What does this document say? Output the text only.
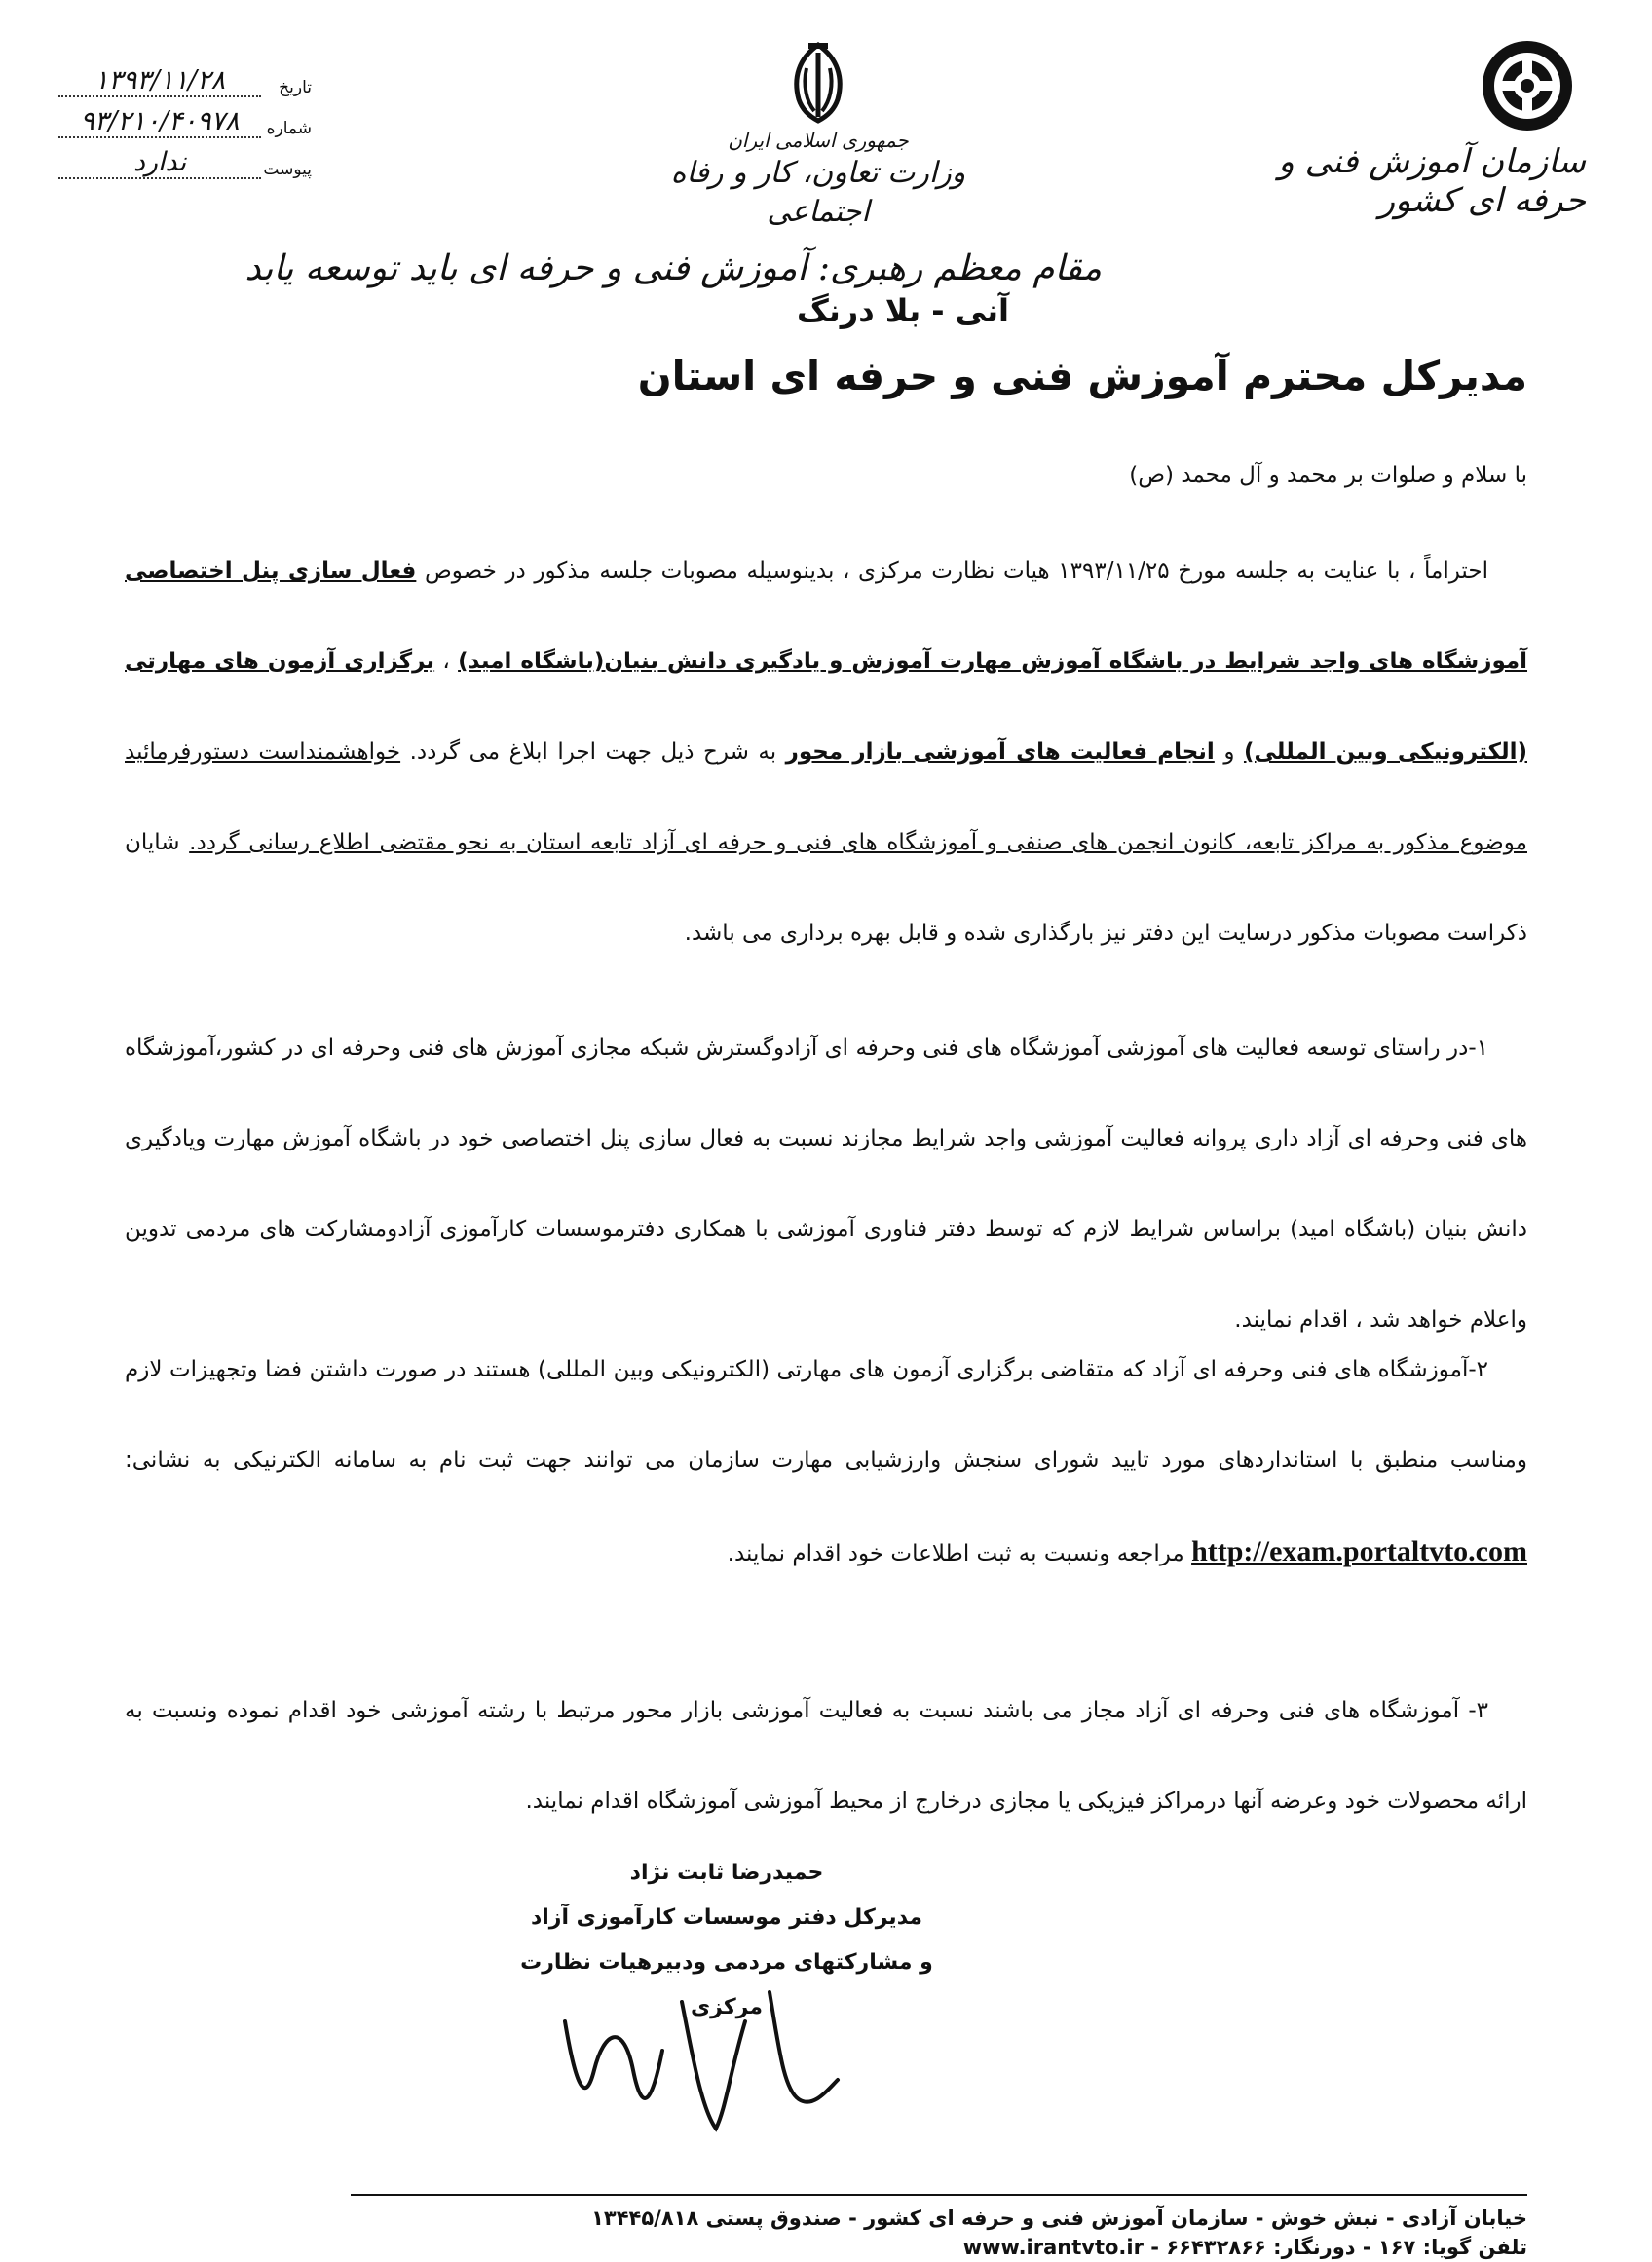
سازمان آموزش فنی و حرفه ای کشور
جمهوری اسلامی ایران
وزارت تعاون، کار و رفاه اجتماعی
تاریخ
۱۳۹۳/۱۱/۲۸
شماره
۹۳/۲۱۰/۴۰۹۷۸
پیوست
ندارد
مقام معظم رهبری: آموزش فنی و حرفه ای باید توسعه یابد
آنی - بلا درنگ
مدیرکل محترم آموزش فنی و حرفه ای استان
با سلام و صلوات بر محمد و آل محمد (ص)

احتراماً ، با عنایت به جلسه مورخ ۱۳۹۳/۱۱/۲۵ هیات نظارت مرکزی ، بدینوسیله مصوبات جلسه مذکور در خصوص فعال سازی پنل اختصاصی آموزشگاه های واجد شرایط در باشگاه آموزش مهارت آموزش و یادگیری دانش بنیان(باشگاه امید) ، برگزاری آزمون های مهارتی (الکترونیکی وبین المللی) و انجام فعالیت های آموزشی بازار محور به شرح ذیل جهت اجرا ابلاغ می گردد. خواهشمنداست دستورفرمائید موضوع مذکور به مراکز تابعه، کانون انجمن های صنفی و آموزشگاه های فنی و حرفه ای آزاد تابعه استان به نحو مقتضی اطلاع رسانی گردد. شایان ذکراست مصوبات مذکور درسایت این دفتر نیز بارگذاری شده و قابل بهره برداری می باشد.

۱-در راستای توسعه فعالیت های آموزشی آموزشگاه های فنی وحرفه ای آزادوگسترش شبکه مجازی آموزش های فنی وحرفه ای در کشور،آموزشگاه های فنی وحرفه ای آزاد داری پروانه فعالیت آموزشی واجد شرایط مجازند نسبت به فعال سازی پنل اختصاصی خود در باشگاه آموزش مهارت ویادگیری دانش بنیان (باشگاه امید) براساس شرایط لازم که توسط دفتر فناوری آموزشی با همکاری دفترموسسات کارآموزی آزادومشارکت های مردمی تدوین واعلام خواهد شد ، اقدام نمایند.

۲-آموزشگاه های فنی وحرفه ای آزاد که متقاضی برگزاری آزمون های مهارتی (الکترونیکی وبین المللی) هستند در صورت داشتن فضا وتجهیزات لازم ومناسب منطبق با استانداردهای مورد تایید شورای سنجش وارزشیابی مهارت سازمان می توانند جهت ثبت نام به سامانه الکترنیکی به نشانی: http://exam.portaltvto.com مراجعه ونسبت به ثبت اطلاعات خود اقدام نمایند.

۳- آموزشگاه های فنی وحرفه ای آزاد مجاز می باشند نسبت به فعالیت آموزشی بازار محور مرتبط با رشته آموزشی خود اقدام نموده ونسبت به ارائه محصولات خود وعرضه آنها درمراکز فیزیکی یا مجازی درخارج از محیط آموزشی آموزشگاه اقدام نمایند.

حمیدرضا ثابت نژاد
مدیرکل دفتر موسسات کارآموزی آزاد
و مشارکتهای مردمی ودبیرهیات نظارت مرکزی
خیابان آزادی - نبش خوش - سازمان آموزش فنی و حرفه ای کشور - صندوق پستی ۱۳۴۴۵/۸۱۸
تلفن گویا: ۱۶۷ - دورنگار: ۶۶۴۳۲۸۶۶ - www.irantvto.ir
